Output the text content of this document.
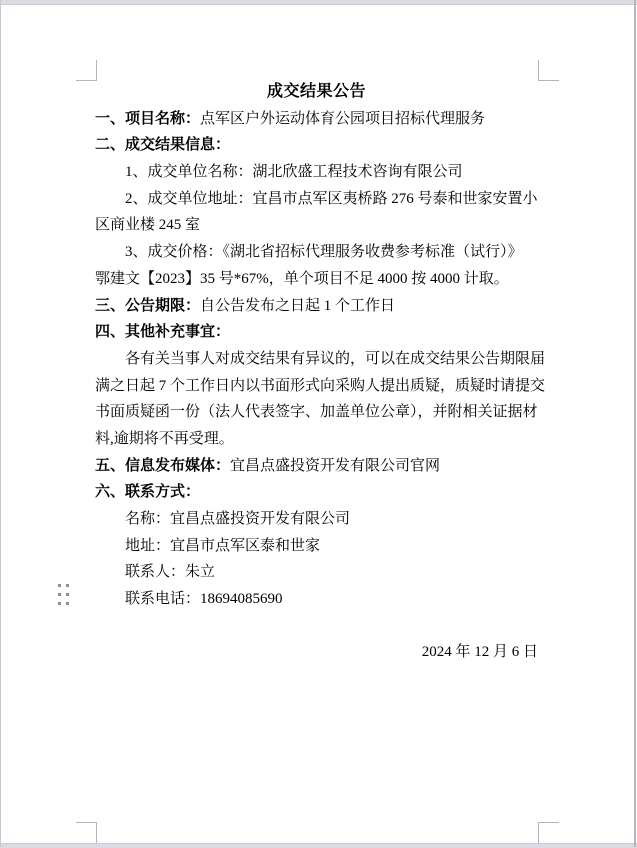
成交结果公告
一、项目名称：点军区户外运动体育公园项目招标代理服务
二、成交结果信息：
1、成交单位名称：湖北欣盛工程技术咨询有限公司
2、成交单位地址：宜昌市点军区夷桥路 276 号泰和世家安置小
区商业楼 245 室
3、成交价格：《湖北省招标代理服务收费参考标准（试行）》
鄂建文【2023】35 号*67%，单个项目不足 4000 按 4000 计取。
三、公告期限：自公告发布之日起 1 个工作日
四、其他补充事宜：
各有关当事人对成交结果有异议的，可以在成交结果公告期限届
满之日起 7 个工作日内以书面形式向采购人提出质疑，质疑时请提交
书面质疑函一份（法人代表签字、加盖单位公章），并附相关证据材
料,逾期将不再受理。
五、信息发布媒体：宜昌点盛投资开发有限公司官网
六、联系方式：
名称：宜昌点盛投资开发有限公司
地址：宜昌市点军区泰和世家
联系人：朱立
联系电话：18694085690
2024 年 12 月 6 日
